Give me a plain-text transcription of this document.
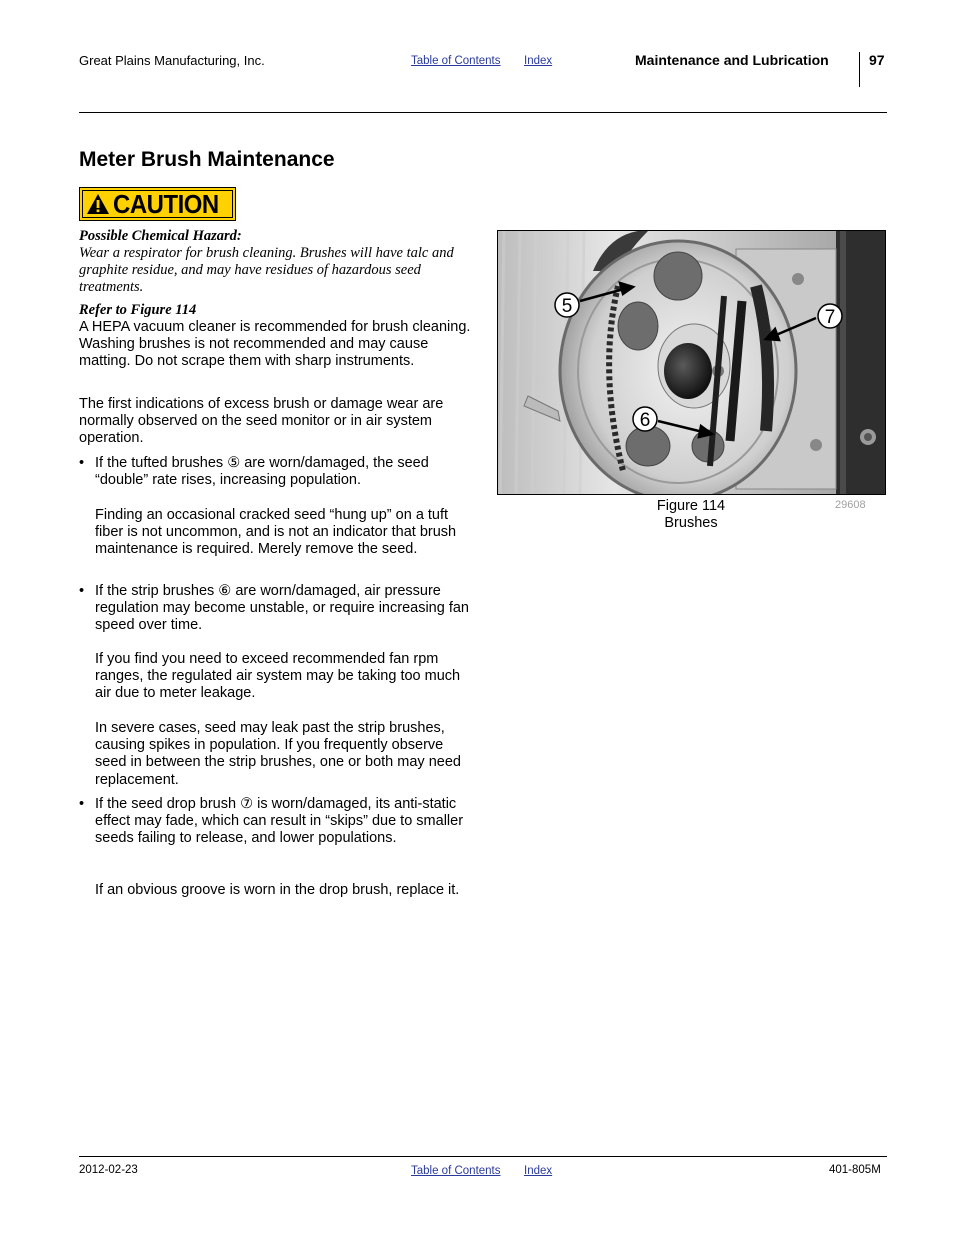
Great Plains Manufacturing, Inc.	Table of Contents Index	Maintenance and Lubrication	97
Meter Brush Maintenance
CAUTION
Possible Chemical Hazard:
Wear a respirator for brush cleaning. Brushes will have talc and graphite residue, and may have residues of hazardous seed treatments.
Refer to Figure 114
A HEPA vacuum cleaner is recommended for brush cleaning. Washing brushes is not recommended and may cause matting. Do not scrape them with sharp instruments.
The first indications of excess brush or damage wear are normally observed on the seed monitor or in air system operation.
• If the tufted brushes ⑤ are worn/damaged, the seed “double” rate rises, increasing population.
Finding an occasional cracked seed “hung up” on a tuft fiber is not uncommon, and is not an indicator that brush maintenance is required. Merely remove the seed.
• If the strip brushes ⑥ are worn/damaged, air pressure regulation may become unstable, or require increasing fan speed over time.
If you find you need to exceed recommended fan rpm ranges, the regulated air system may be taking too much air due to meter leakage.
In severe cases, seed may leak past the strip brushes, causing spikes in population. If you frequently observe seed in between the strip brushes, one or both may need replacement.
• If the seed drop brush ⑦ is worn/damaged, its anti-static effect may fade, which can result in “skips” due to smaller seeds failing to release, and lower populations.
If an obvious groove is worn in the drop brush, replace it.
5
7
6
Figure 114
Brushes
29608
2012-02-23	Table of Contents Index	401-805M
